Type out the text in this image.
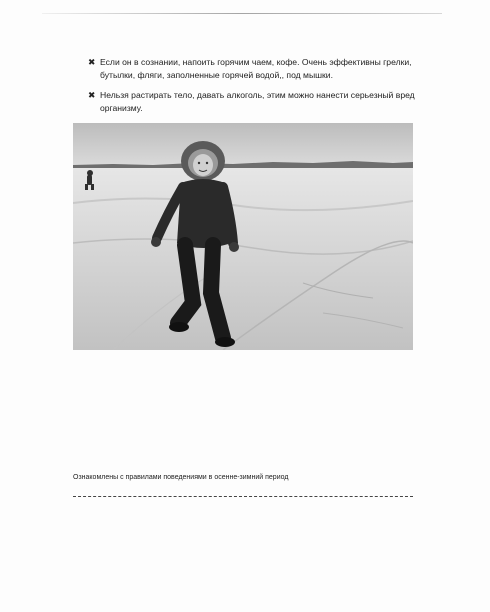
✖ Если он в сознании, напоить горячим чаем, кофе. Очень эффективны грелки, бутылки, фляги, заполненные горячей водой,, под мышки.
✖ Нельзя растирать тело, давать алкоголь, этим можно нанести серьезный вред организму.
Ознакомлены с правилами поведениями в осенне-зимний период
